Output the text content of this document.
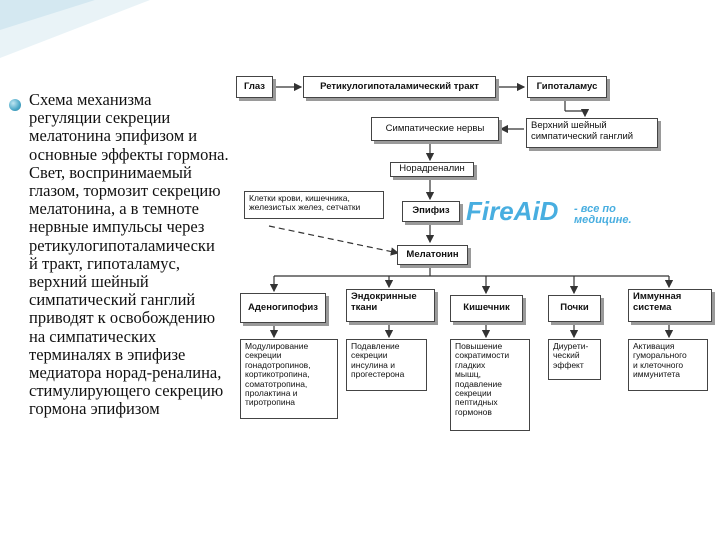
Схема механизма
регуляции секреции
мелатонина эпифизом и
основные эффекты гормона.
Свет, воспринимаемый
глазом, тормозит секрецию
мелатонина, а в темноте
нервные импульсы через
ретикулогипоталамически
й тракт, гипоталамус,
верхний шейный
симпатический ганглий
приводят к освобождению
на симпатических
терминалях в эпифизе
медиатора норад-реналина,
стимулирующего секрецию
гормона эпифизом
Глаз	Ретикулогипоталамический тракт	Гипоталамус
Симпатические нервы	Верхний шейный
симпатический ганглий
Норадреналин
Клетки крови, кишечника,
железистых желез, сетчатки	Эпифиз
Мелатонин
Аденогипофиз
Эндокринные
ткани	Кишечник	Почки
Иммунная
система
Модулирование
секреции
гонадотропинов,
кортикотропина,
соматотропина,
пролактина и
тиротропина
Подавление
секреции
инсулина и
прогестерона
Повышение
сократимости
гладких
мышц,
подавление
секреции
пептидных
гормонов
Диурети-
ческий
эффект
Активация
гуморального
и клеточного
иммунитета
FireAiD - все по
медицине.
